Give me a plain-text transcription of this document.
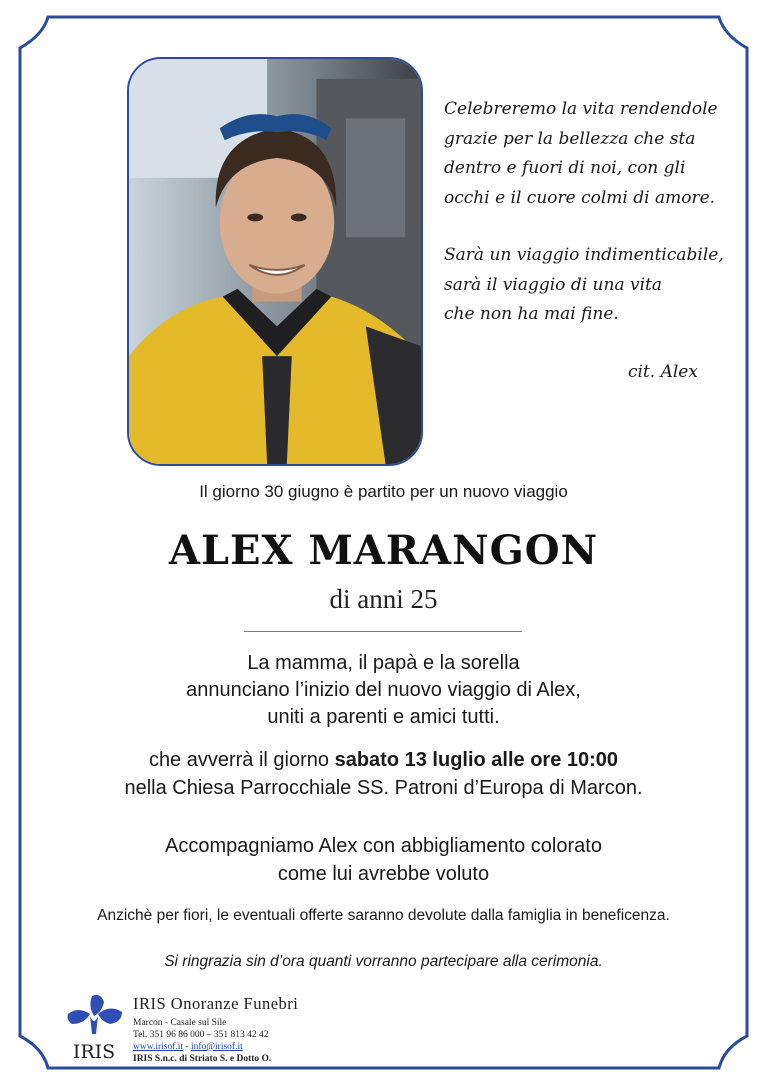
Celebreremo la vita rendendole

grazie per la bellezza che sta

dentro e fuori di noi, con gli

occhi e il cuore colmi di amore.

Sarà un viaggio indimenticabile,

sarà il viaggio di una vita

che non ha mai fine.

cit. Alex

Il giorno 30 giugno è partito per un nuovo viaggio
ALEX MARANGON
di anni 25
La mamma, il papà e la sorella
annunciano l’inizio del nuovo viaggio di Alex,
uniti a parenti e amici tutti.
che avverrà il giorno sabato 13 luglio alle ore 10:00
nella Chiesa Parrocchiale SS. Patroni d’Europa di Marcon.
Accompagniamo Alex con abbigliamento colorato
come lui avrebbe voluto
Anzichè per fiori, le eventuali offerte saranno devolute dalla famiglia in beneficenza.
Si ringrazia sin d’ora quanti vorranno partecipare alla cerimonia.
IRIS
IRIS Onoranze Funebri
Marcon - Casale sul Sile
Tel. 351 96 86 000 – 351 813 42 42
www.irisof.it - info@irisof.it
IRIS S.n.c. di Striato S. e Dotto O.
